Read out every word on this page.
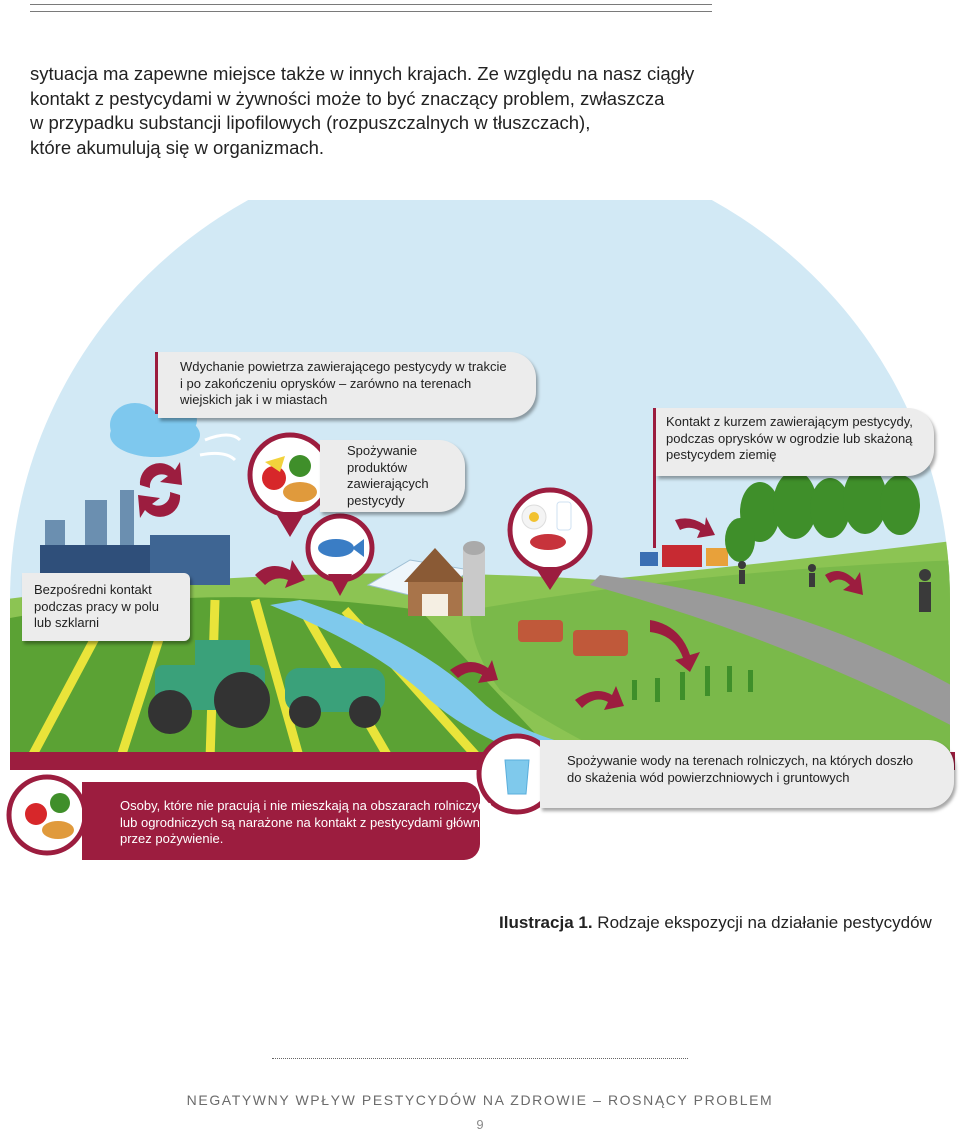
sytuacja ma zapewne miejsce także w innych krajach. Ze względu na nasz ciągły
kontakt z pestycydami w żywności może to być znaczący problem, zwłaszcza
w przypadku substancji lipofilowych (rozpuszczalnych w tłuszczach),
które akumulują się w organizmach.
Wdychanie powietrza zawierającego pestycydy w trakcie
i po zakończeniu oprysków – zarówno na terenach
wiejskich jak i w miastach
Spożywanie
produktów
zawierających
pestycydy
Kontakt z kurzem zawierającym pestycydy,
podczas oprysków w ogrodzie lub skażoną
pestycydem ziemię
Bezpośredni kontakt
podczas pracy w polu
lub szklarni
Spożywanie wody na terenach rolniczych, na których doszło
do skażenia wód powierzchniowych i gruntowych
Osoby, które nie pracują i nie mieszkają na obszarach rolniczych
lub ogrodniczych są narażone na kontakt z pestycydami głównie
przez pożywienie.
Ilustracja 1. Rodzaje ekspozycji na działanie pestycydów
NEGATYWNY WPŁYW PESTYCYDÓW NA ZDROWIE – ROSNĄCY PROBLEM
9
